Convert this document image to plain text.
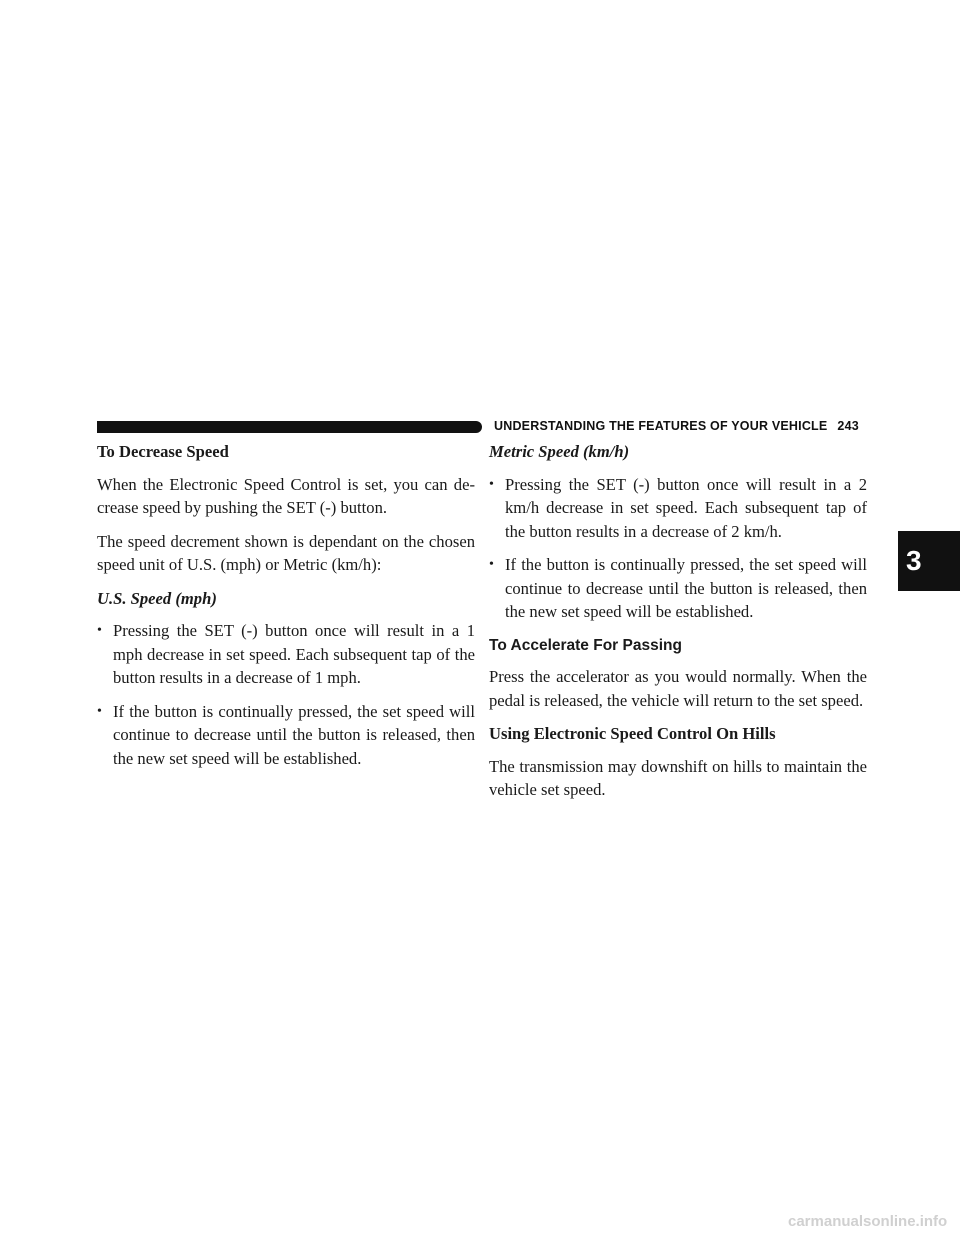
UNDERSTANDING THE FEATURES OF YOUR VEHICLE 243

To Decrease Speed

When the Electronic Speed Control is set, you can de-crease speed by pushing the SET (-) button.

The speed decrement shown is dependant on the chosen speed unit of U.S. (mph) or Metric (km/h):

U.S. Speed (mph)

• Pressing the SET (-) button once will result in a 1 mph decrease in set speed. Each subsequent tap of the button results in a decrease of 1 mph.
• If the button is continually pressed, the set speed will continue to decrease until the button is released, then the new set speed will be established.

Metric Speed (km/h)

• Pressing the SET (-) button once will result in a 2 km/h decrease in set speed. Each subsequent tap of the button results in a decrease of 2 km/h.
• If the button is continually pressed, the set speed will continue to decrease until the button is released, then the new set speed will be established.

To Accelerate For Passing

Press the accelerator as you would normally. When the pedal is released, the vehicle will return to the set speed.

Using Electronic Speed Control On Hills

The transmission may downshift on hills to maintain the vehicle set speed.

3
carmanualsonline.info
